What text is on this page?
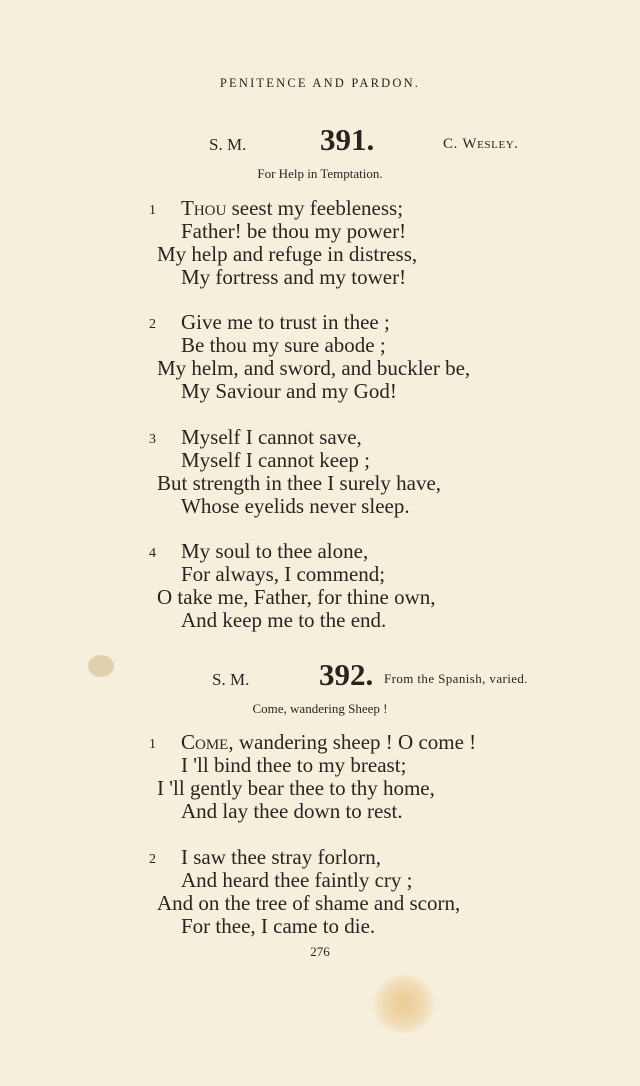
PENITENCE AND PARDON.
S. M. 391.	C. Wesley.
For Help in Temptation.
1 Thou seest my feebleness;
Father! be thou my power!
My help and refuge in distress,
My fortress and my tower!
2 Give me to trust in thee ;
Be thou my sure abode ;
My helm, and sword, and buckler be,
My Saviour and my God!
3 Myself I cannot save,
Myself I cannot keep ;
But strength in thee I surely have,
Whose eyelids never sleep.
4 My soul to thee alone,
For always, I commend;
O take me, Father, for thine own,
And keep me to the end.
S. M. 392. From the Spanish, varied.
Come, wandering Sheep !
1 Come, wandering sheep ! O come !
I 'll bind thee to my breast;
I 'll gently bear thee to thy home,
And lay thee down to rest.
2 I saw thee stray forlorn,
And heard thee faintly cry ;
And on the tree of shame and scorn,
For thee, I came to die.
276
